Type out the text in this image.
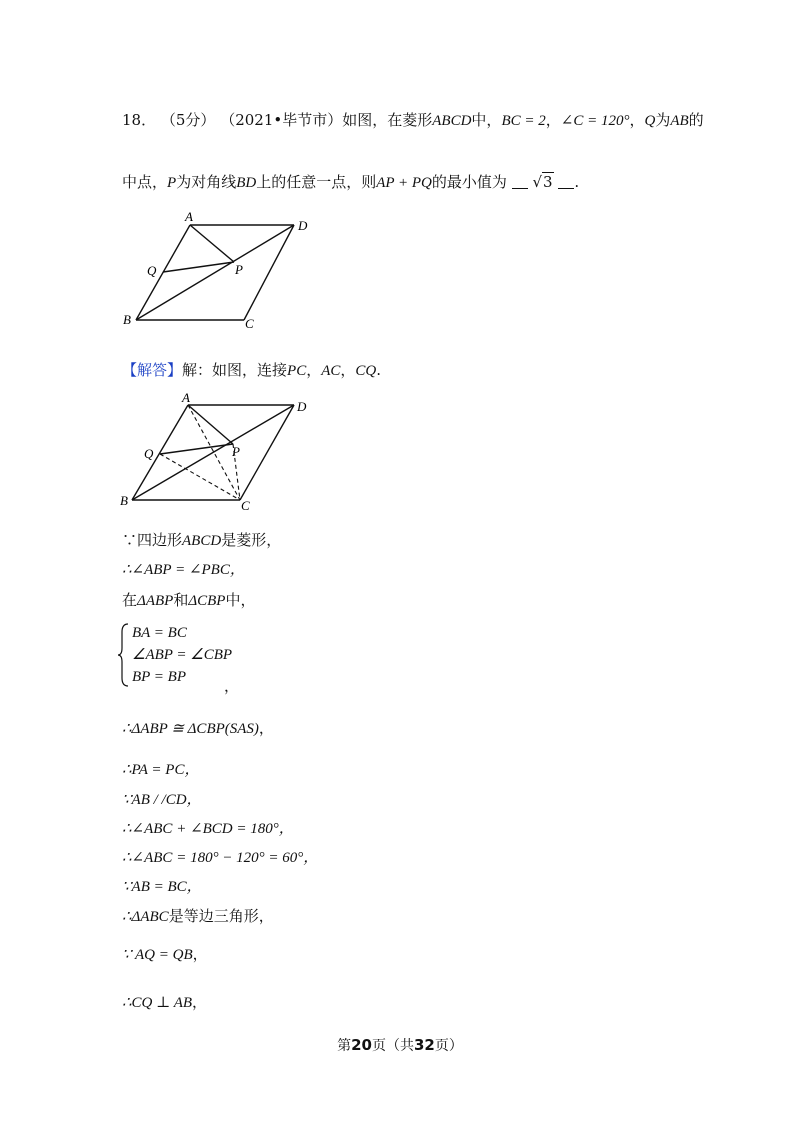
18． （5分） （2021•毕节市）如图，在菱形ABCD中，BC = 2，∠C = 120°，Q为AB的
中点，P为对角线BD上的任意一点，则AP + PQ的最小值为 √3 .
A
B	C
D
P
Q
【解答】解：如图，连接PC，AC，CQ.
A
B	C
D
P
Q
∵四边形ABCD是菱形，
∴∠ABP = ∠PBC，
在ΔABP和ΔCBP中，
BA = BC
∠ABP = ∠CBP
BP = BP	，
∴ΔABP ≅ ΔCBP(SAS)，
∴PA = PC，
∵AB / /CD，
∴∠ABC + ∠BCD = 180°，
∴∠ABC = 180° − 120° = 60°，
∵AB = BC，
∴ΔABC是等边三角形，
∵ AQ = QB，
∴CQ ⊥ AB，
第20页（共32页）
